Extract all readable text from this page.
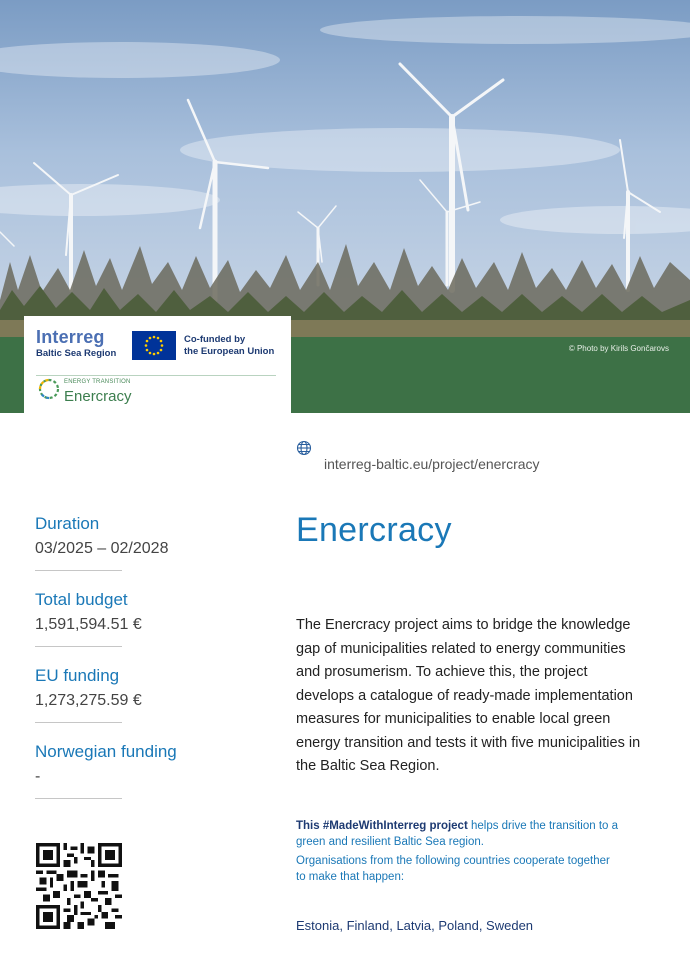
© Photo by Kirils Gončarovs
Interreg
Baltic Sea Region
Co-funded by
the European Union
ENERGY TRANSITION
Enercracy
interreg-baltic.eu/project/enercracy
Duration
03/2025 – 02/2028
Total budget
1,591,594.51 €
EU funding
1,273,275.59 €
Norwegian funding
-
Enercracy
The Enercracy project aims to bridge the knowledge gap of municipalities related to energy communities and prosumerism. To achieve this, the project develops a catalogue of ready-made implementation measures for municipalities to enable local green energy transition and tests it with five municipalities in the Baltic Sea Region.
This #MadeWithInterreg project helps drive the transition to a green and resilient Baltic Sea region.
Organisations from the following countries cooperate together to make that happen:
Estonia, Finland, Latvia, Poland, Sweden
